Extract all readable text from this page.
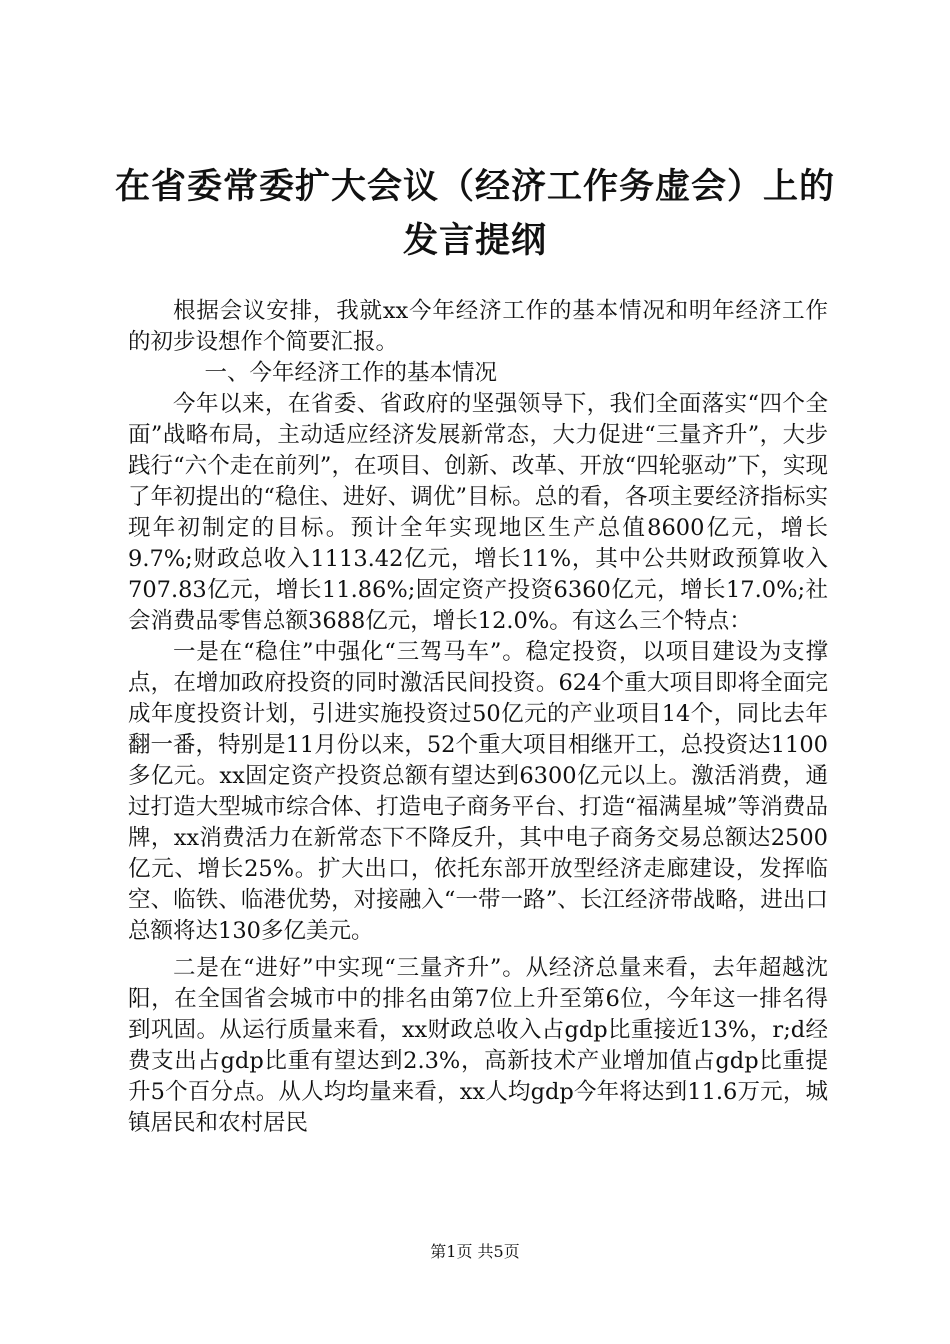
在省委常委扩大会议（经济工作务虚会）上的
发言提纲

根据会议安排，我就xx今年经济工作的基本情况和明年经济工作的初步设想作个简要汇报。

一、今年经济工作的基本情况

今年以来，在省委、省政府的坚强领导下，我们全面落实“四个全面”战略布局，主动适应经济发展新常态，大力促进“三量齐升”，大步践行“六个走在前列”，在项目、创新、改革、开放“四轮驱动”下，实现了年初提出的“稳住、进好、调优”目标。总的看，各项主要经济指标实现年初制定的目标。预计全年实现地区生产总值8600亿元，增长9.7%;财政总收入1113.42亿元，增长11%，其中公共财政预算收入707.83亿元，增长11.86%;固定资产投资6360亿元，增长17.0%;社会消费品零售总额3688亿元，增长12.0%。有这么三个特点：

一是在“稳住”中强化“三驾马车”。稳定投资，以项目建设为支撑点，在增加政府投资的同时激活民间投资。624个重大项目即将全面完成年度投资计划，引进实施投资过50亿元的产业项目14个，同比去年翻一番，特别是11月份以来，52个重大项目相继开工，总投资达1100多亿元。xx固定资产投资总额有望达到6300亿元以上。激活消费，通过打造大型城市综合体、打造电子商务平台、打造“福满星城”等消费品牌，xx消费活力在新常态下不降反升，其中电子商务交易总额达2500亿元、增长25%。扩大出口，依托东部开放型经济走廊建设，发挥临空、临铁、临港优势，对接融入“一带一路”、长江经济带战略，进出口总额将达130多亿美元。

二是在“进好”中实现“三量齐升”。从经济总量来看，去年超越沈阳，在全国省会城市中的排名由第7位上升至第6位，今年这一排名得到巩固。从运行质量来看，xx财政总收入占gdp比重接近13%，r;d经费支出占gdp比重有望达到2.3%，高新技术产业增加值占gdp比重提升5个百分点。从人均均量来看，xx人均gdp今年将达到11.6万元，城镇居民和农村居民

第1页 共5页
